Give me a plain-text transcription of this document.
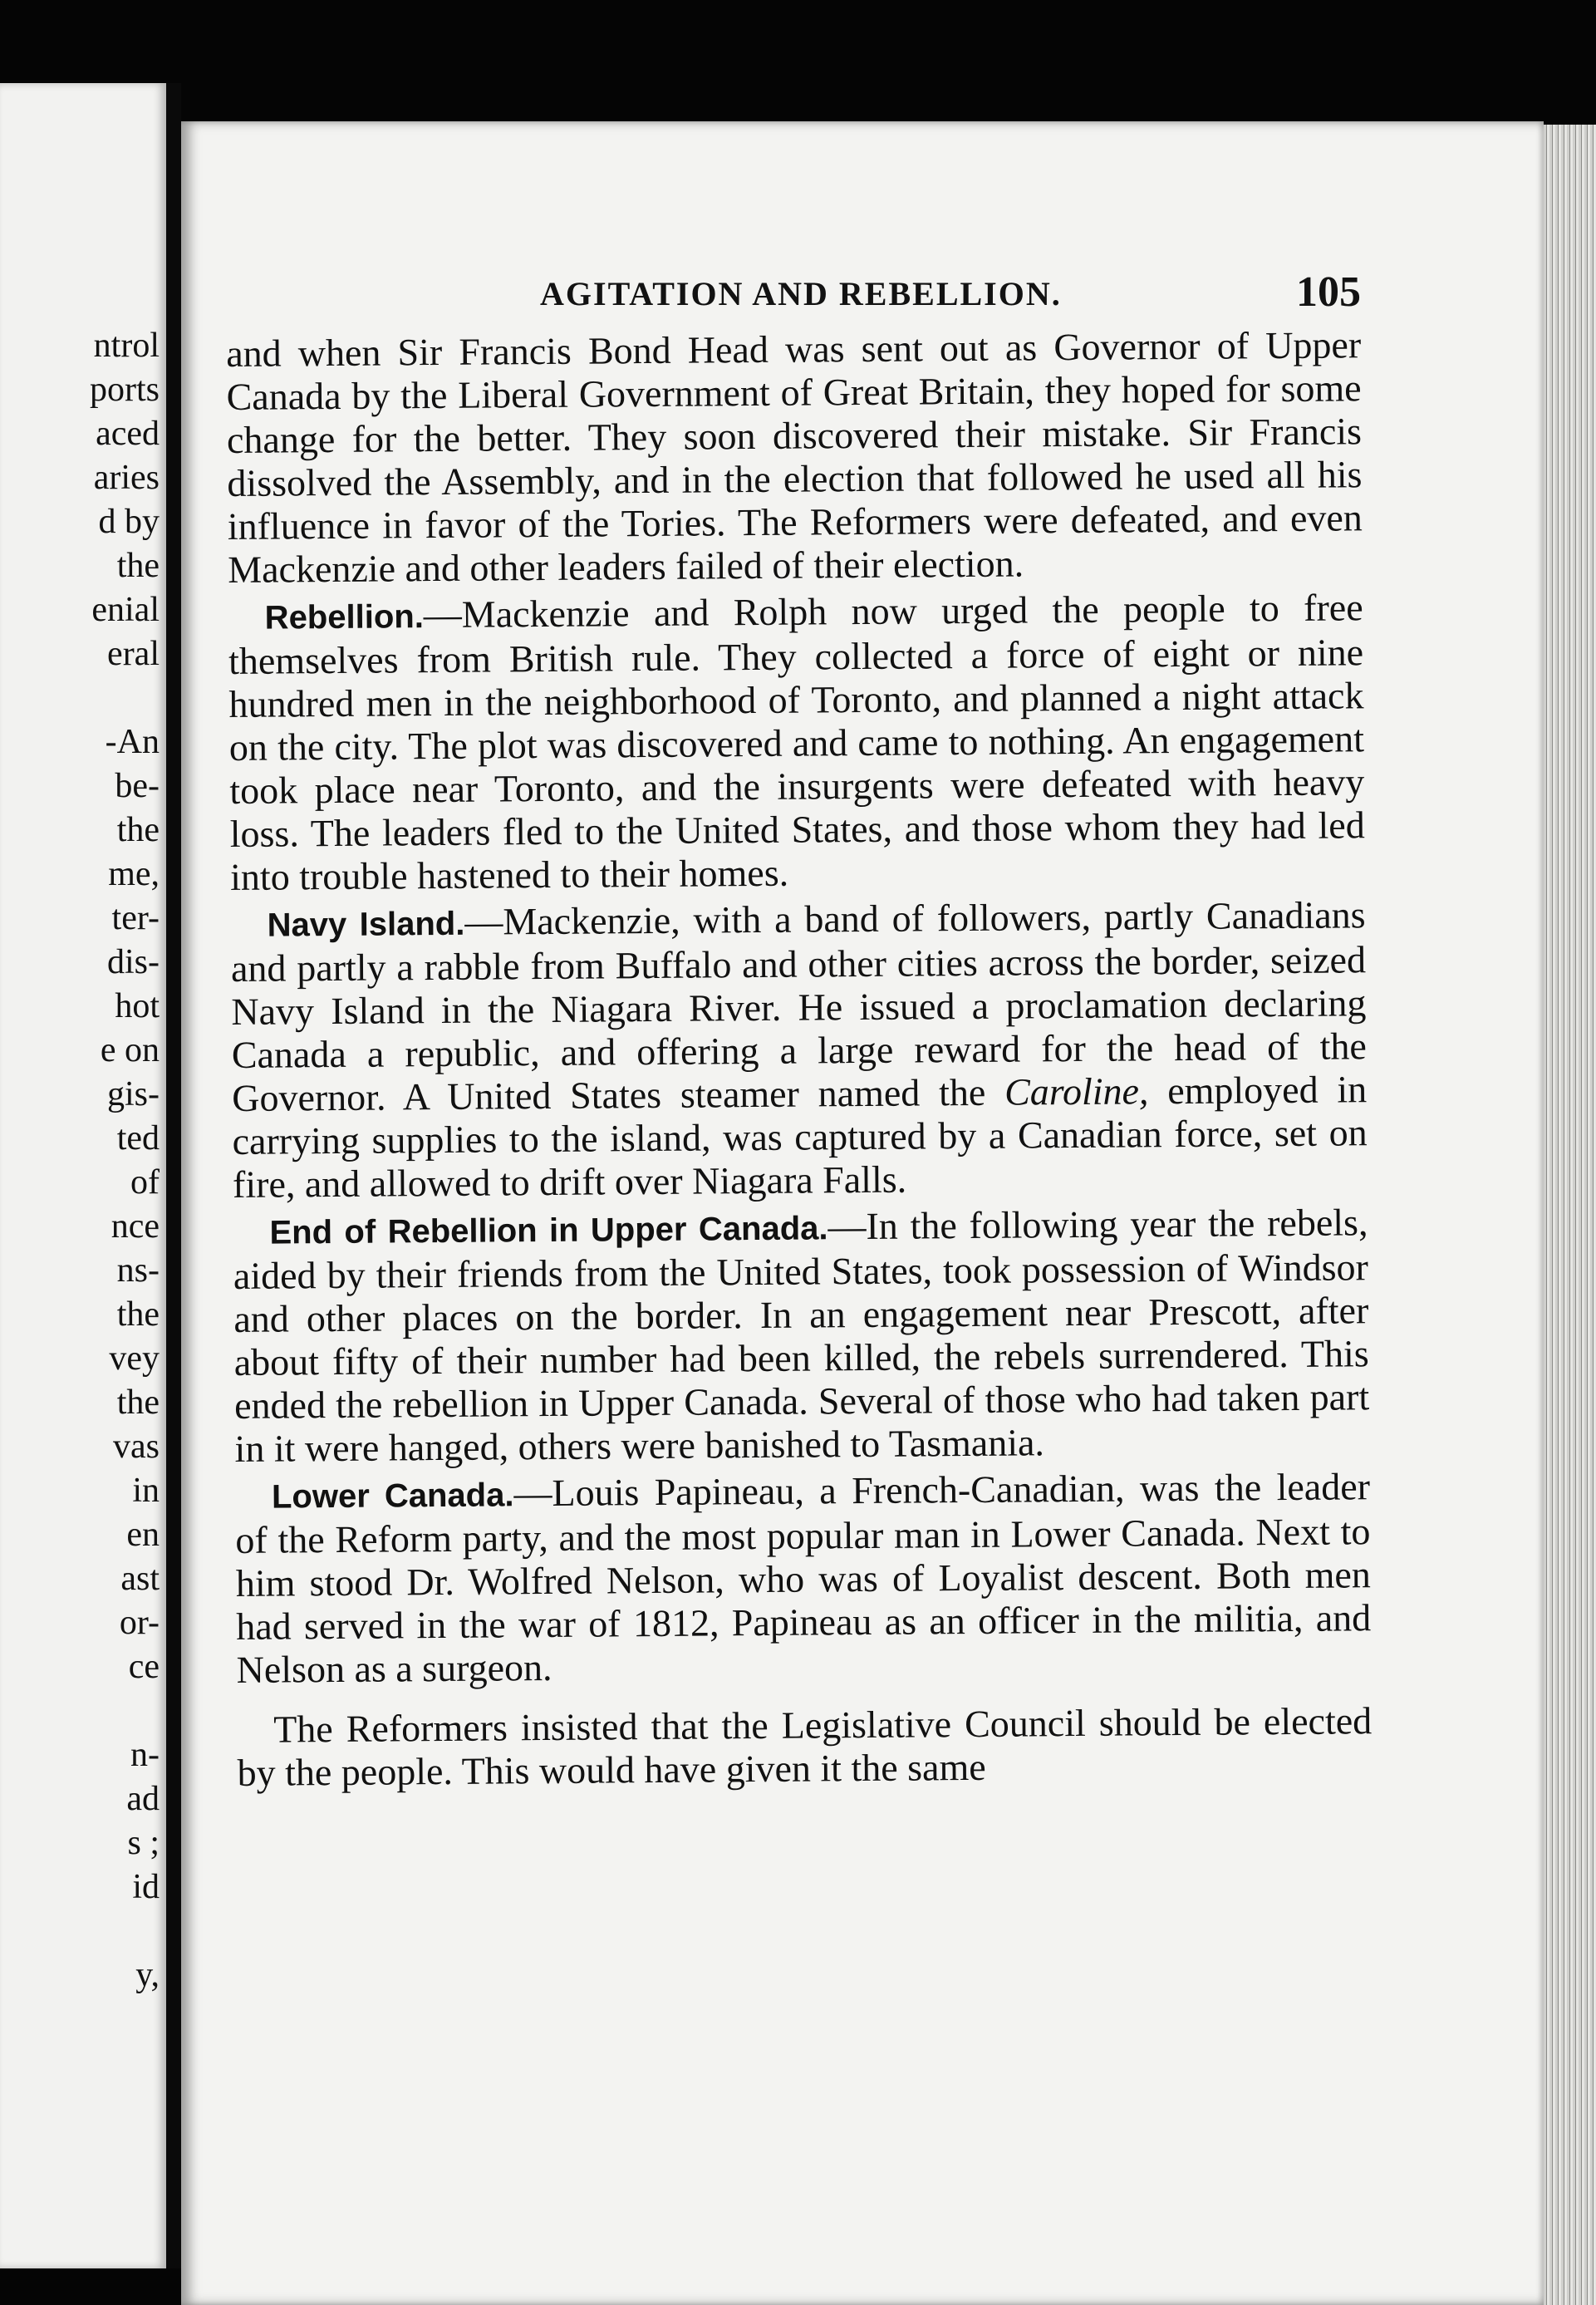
ntrol
ports
aced
aries
d by
the
enial
eral

-An
be-
the
me,
ter-
dis-
hot
e on
gis-
ted
of
nce
ns-
the
vey
the
vas
in
en
ast
or-
ce

n-
ad
s ;
id

y,
AGITATION AND REBELLION.	105

and when Sir Francis Bond Head was sent out as Governor of Upper Canada by the Liberal Government of Great Britain, they hoped for some change for the better. They soon discovered their mistake. Sir Francis dissolved the Assembly, and in the election that followed he used all his influence in favor of the Tories. The Reformers were defeated, and even Mackenzie and other leaders failed of their election.

Rebellion.—Mackenzie and Rolph now urged the people to free themselves from British rule. They collected a force of eight or nine hundred men in the neighborhood of Toronto, and planned a night attack on the city. The plot was discovered and came to nothing. An engagement took place near Toronto, and the insurgents were defeated with heavy loss. The leaders fled to the United States, and those whom they had led into trouble hastened to their homes.

Navy Island.—Mackenzie, with a band of followers, partly Canadians and partly a rabble from Buffalo and other cities across the border, seized Navy Island in the Niagara River. He issued a proclamation declaring Canada a republic, and offering a large reward for the head of the Governor. A United States steamer named the Caroline, employed in carrying supplies to the island, was captured by a Canadian force, set on fire, and allowed to drift over Niagara Falls.

End of Rebellion in Upper Canada.—In the following year the rebels, aided by their friends from the United States, took possession of Windsor and other places on the border. In an engagement near Prescott, after about fifty of their number had been killed, the rebels surrendered. This ended the rebellion in Upper Canada. Several of those who had taken part in it were hanged, others were banished to Tasmania.

Lower Canada.—Louis Papineau, a French-Canadian, was the leader of the Reform party, and the most popular man in Lower Canada. Next to him stood Dr. Wolfred Nelson, who was of Loyalist descent. Both men had served in the war of 1812, Papineau as an officer in the militia, and Nelson as a surgeon.

The Reformers insisted that the Legislative Council should be elected by the people. This would have given it the same
